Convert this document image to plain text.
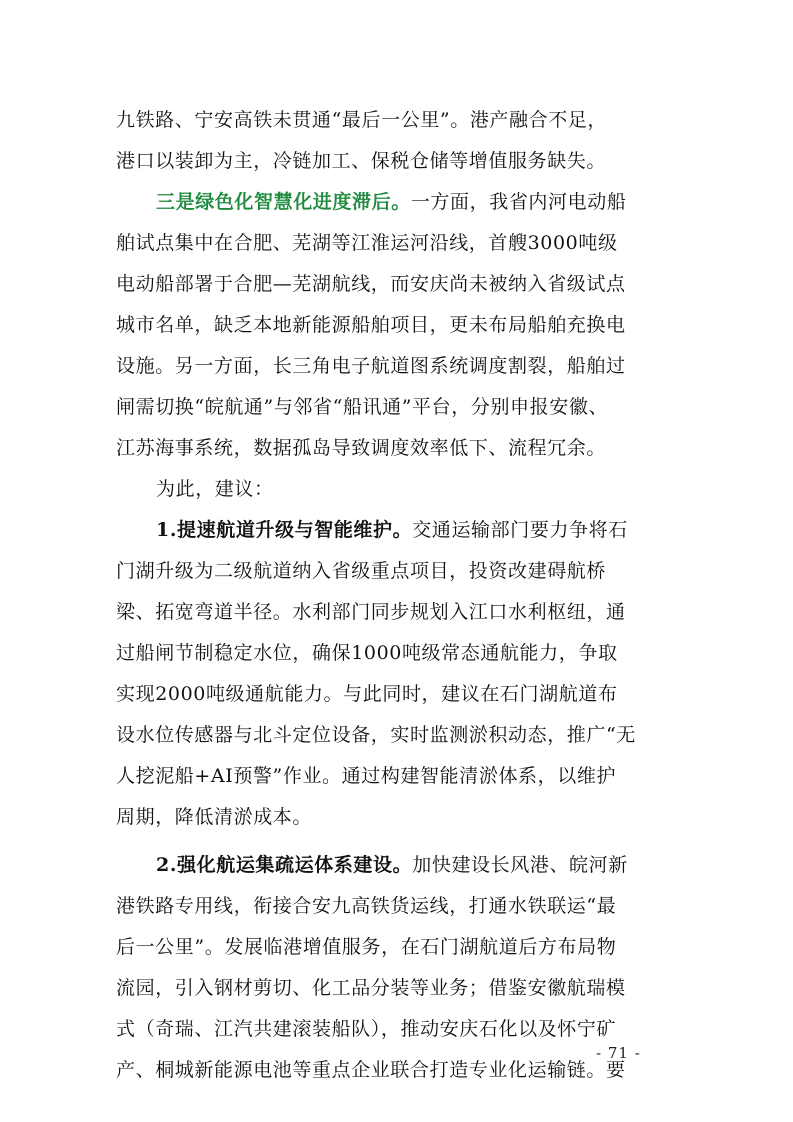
九铁路、宁安高铁未贯通“最后一公里”。港产融合不足，
港口以装卸为主，冷链加工、保税仓储等增值服务缺失。
三是绿色化智慧化进度滞后。一方面，我省内河电动船
舶试点集中在合肥、芜湖等江淮运河沿线，首艘3000吨级
电动船部署于合肥—芜湖航线，而安庆尚未被纳入省级试点
城市名单，缺乏本地新能源船舶项目，更未布局船舶充换电
设施。另一方面，长三角电子航道图系统调度割裂，船舶过
闸需切换“皖航通”与邻省“船讯通”平台，分别申报安徽、
江苏海事系统，数据孤岛导致调度效率低下、流程冗余。
为此，建议：
1.提速航道升级与智能维护。交通运输部门要力争将石
门湖升级为二级航道纳入省级重点项目，投资改建碍航桥
梁、拓宽弯道半径。水利部门同步规划入江口水利枢纽，通
过船闸节制稳定水位，确保1000吨级常态通航能力，争取
实现2000吨级通航能力。与此同时，建议在石门湖航道布
设水位传感器与北斗定位设备，实时监测淤积动态，推广“无
人挖泥船+AI预警”作业。通过构建智能清淤体系，以维护
周期，降低清淤成本。
2.强化航运集疏运体系建设。加快建设长风港、皖河新
港铁路专用线，衔接合安九高铁货运线，打通水铁联运“最
后一公里”。发展临港增值服务，在石门湖航道后方布局物
流园，引入钢材剪切、化工品分装等业务；借鉴安徽航瑞模
式（奇瑞、江汽共建滚装船队），推动安庆石化以及怀宁矿
产、桐城新能源电池等重点企业联合打造专业化运输链。要
- 71 -
